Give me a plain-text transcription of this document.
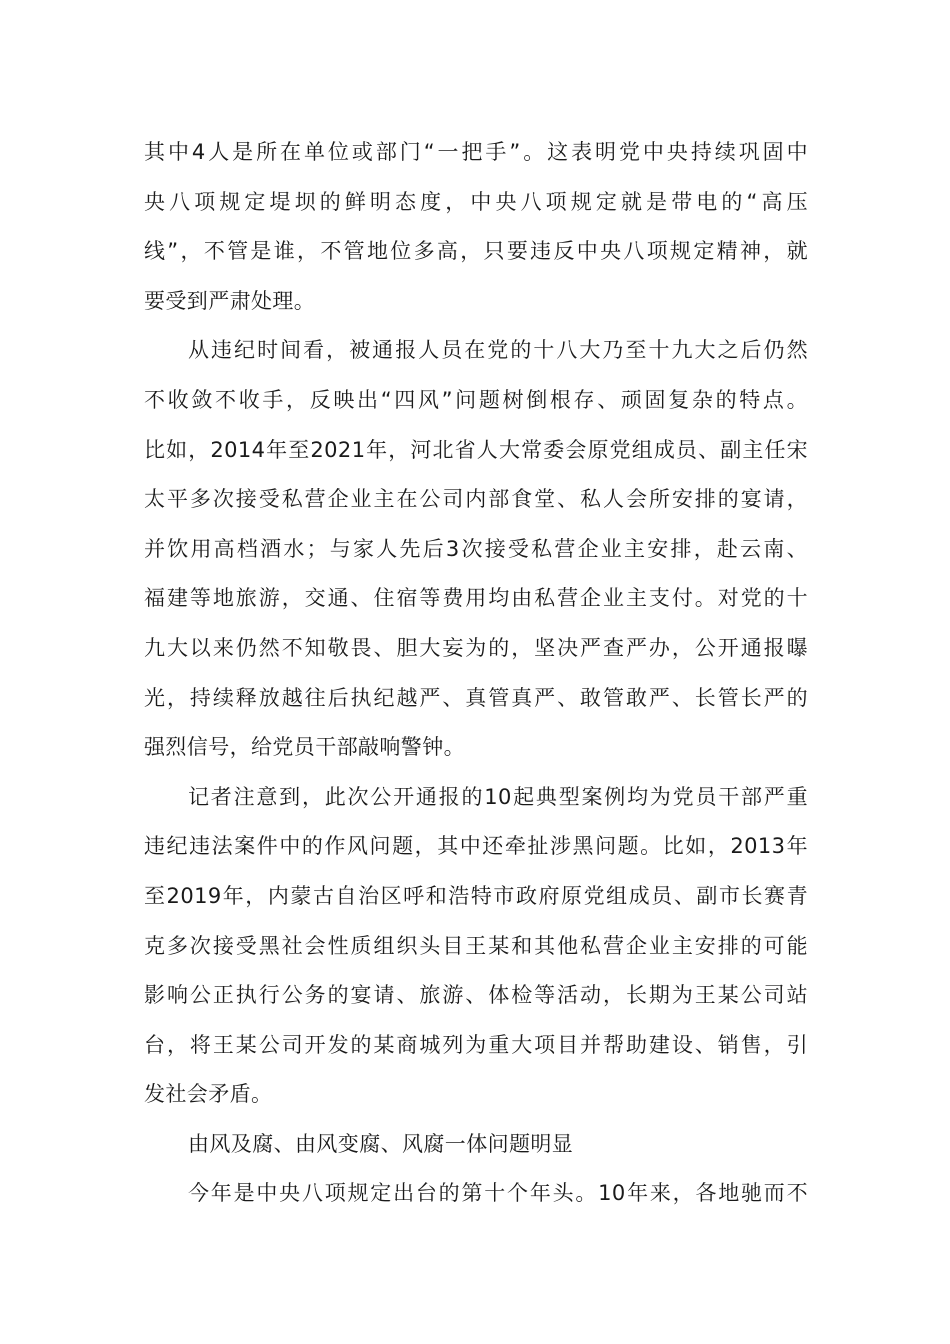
其中4人是所在单位或部门“一把手”。这表明党中央持续巩固中
央八项规定堤坝的鲜明态度，中央八项规定就是带电的“高压
线”，不管是谁，不管地位多高，只要违反中央八项规定精神，就
要受到严肃处理。
从违纪时间看，被通报人员在党的十八大乃至十九大之后仍然
不收敛不收手，反映出“四风”问题树倒根存、顽固复杂的特点。
比如，2014年至2021年，河北省人大常委会原党组成员、副主任宋
太平多次接受私营企业主在公司内部食堂、私人会所安排的宴请，
并饮用高档酒水；与家人先后3次接受私营企业主安排，赴云南、
福建等地旅游，交通、住宿等费用均由私营企业主支付。对党的十
九大以来仍然不知敬畏、胆大妄为的，坚决严查严办，公开通报曝
光，持续释放越往后执纪越严、真管真严、敢管敢严、长管长严的
强烈信号，给党员干部敲响警钟。
记者注意到，此次公开通报的10起典型案例均为党员干部严重
违纪违法案件中的作风问题，其中还牵扯涉黑问题。比如，2013年
至2019年，内蒙古自治区呼和浩特市政府原党组成员、副市长赛青
克多次接受黑社会性质组织头目王某和其他私营企业主安排的可能
影响公正执行公务的宴请、旅游、体检等活动，长期为王某公司站
台，将王某公司开发的某商城列为重大项目并帮助建设、销售，引
发社会矛盾。
由风及腐、由风变腐、风腐一体问题明显
今年是中央八项规定出台的第十个年头。10年来，各地驰而不
